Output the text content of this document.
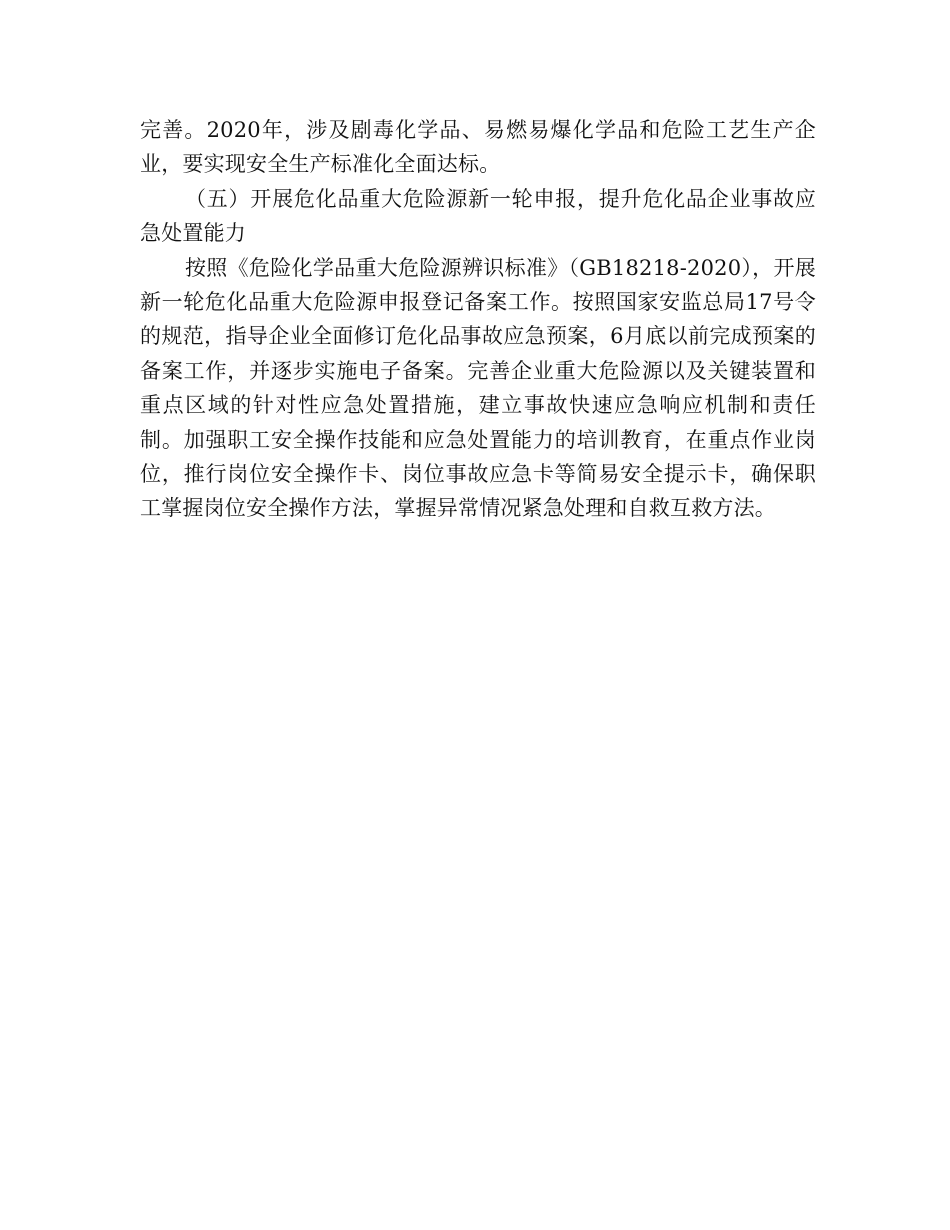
完善。2020年，涉及剧毒化学品、易燃易爆化学品和危险工艺生产企业，要实现安全生产标准化全面达标。

（五）开展危化品重大危险源新一轮申报，提升危化品企业事故应急处置能力

按照《危险化学品重大危险源辨识标准》（GB18218-2020），开展新一轮危化品重大危险源申报登记备案工作。按照国家安监总局17号令的规范，指导企业全面修订危化品事故应急预案，6月底以前完成预案的备案工作，并逐步实施电子备案。完善企业重大危险源以及关键装置和重点区域的针对性应急处置措施，建立事故快速应急响应机制和责任制。加强职工安全操作技能和应急处置能力的培训教育，在重点作业岗位，推行岗位安全操作卡、岗位事故应急卡等简易安全提示卡，确保职工掌握岗位安全操作方法，掌握异常情况紧急处理和自救互救方法。
